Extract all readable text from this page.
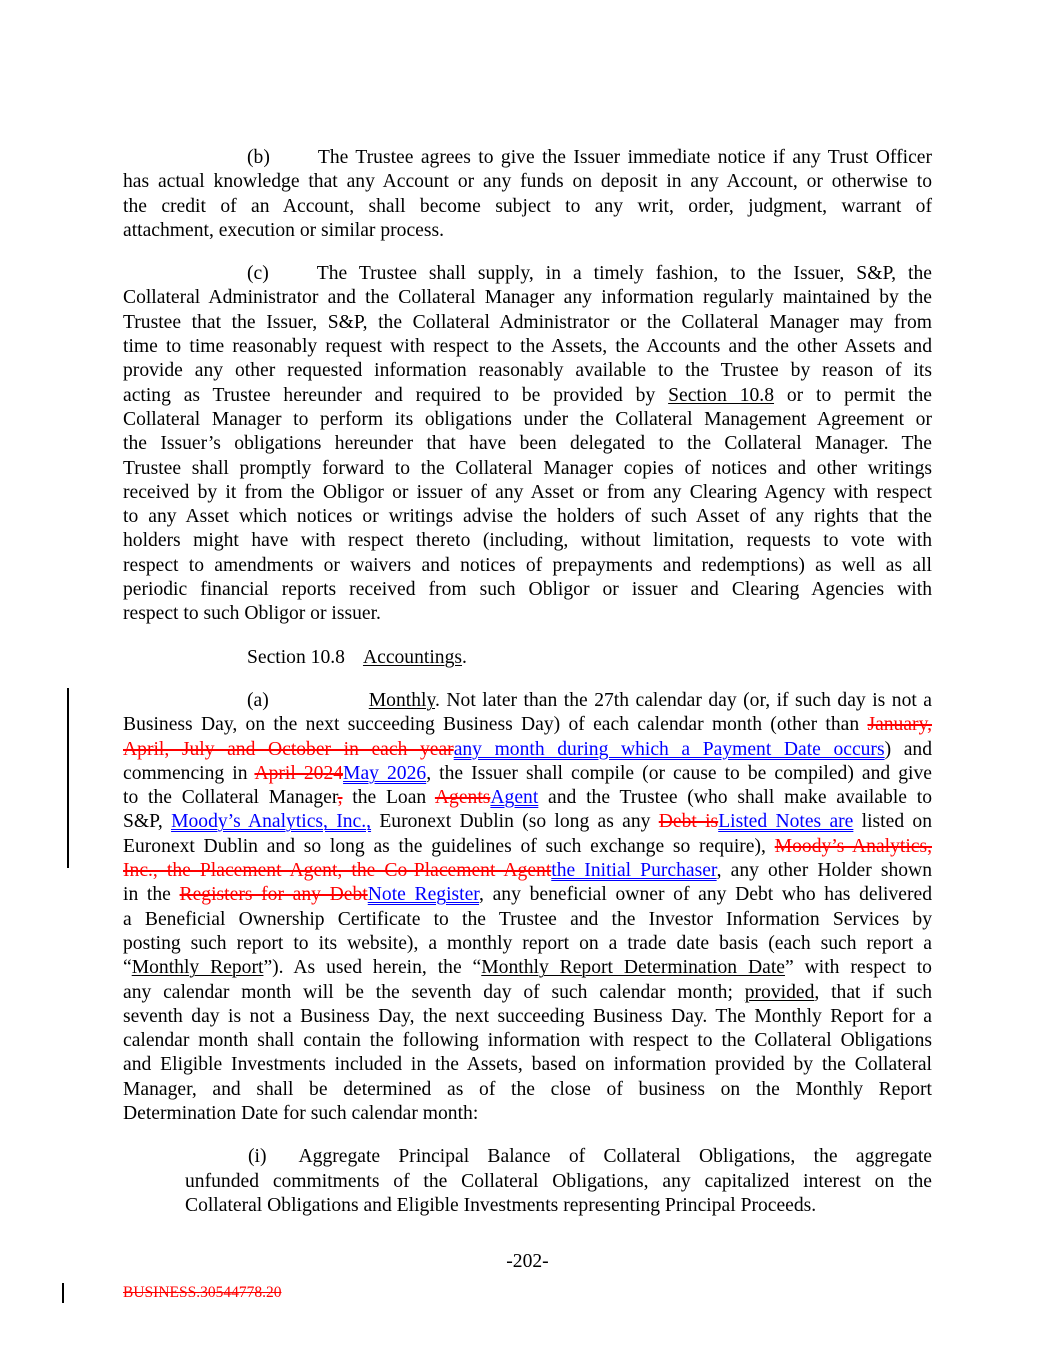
(b) The Trustee agrees to give the Issuer immediate notice if any Trust Officer
has actual knowledge that any Account or any funds on deposit in any Account, or otherwise to
the credit of an Account, shall become subject to any writ, order, judgment, warrant of
attachment, execution or similar process.
(c) The Trustee shall supply, in a timely fashion, to the Issuer, S&P, the
Collateral Administrator and the Collateral Manager any information regularly maintained by the
Trustee that the Issuer, S&P, the Collateral Administrator or the Collateral Manager may from
time to time reasonably request with respect to the Assets, the Accounts and the other Assets and
provide any other requested information reasonably available to the Trustee by reason of its
acting as Trustee hereunder and required to be provided by Section 10.8 or to permit the
Collateral Manager to perform its obligations under the Collateral Management Agreement or
the Issuer’s obligations hereunder that have been delegated to the Collateral Manager. The
Trustee shall promptly forward to the Collateral Manager copies of notices and other writings
received by it from the Obligor or issuer of any Asset or from any Clearing Agency with respect
to any Asset which notices or writings advise the holders of such Asset of any rights that the
holders might have with respect thereto (including, without limitation, requests to vote with
respect to amendments or waivers and notices of prepayments and redemptions) as well as all
periodic financial reports received from such Obligor or issuer and Clearing Agencies with
respect to such Obligor or issuer.
Section 10.8 Accountings.
(a)	Monthly. Not later than the 27th calendar day (or, if such day is not a
Business Day, on the next succeeding Business Day) of each calendar month (other than January,
April, July and October in each yearany month during which a Payment Date occurs) and
commencing in April 2024May 2026, the Issuer shall compile (or cause to be compiled) and give
to the Collateral Manager, the Loan AgentsAgent and the Trustee (who shall make available to
S&P, Moody’s Analytics, Inc., Euronext Dublin (so long as any Debt isListed Notes are listed on
Euronext Dublin and so long as the guidelines of such exchange so require), Moody’s Analytics,
Inc., the Placement Agent, the Co-Placement Agentthe Initial Purchaser, any other Holder shown
in the Registers for any DebtNote Register, any beneficial owner of any Debt who has delivered
a Beneficial Ownership Certificate to the Trustee and the Investor Information Services by
posting such report to its website), a monthly report on a trade date basis (each such report a
“Monthly Report”). As used herein, the “Monthly Report Determination Date” with respect to
any calendar month will be the seventh day of such calendar month; provided, that if such
seventh day is not a Business Day, the next succeeding Business Day. The Monthly Report for a
calendar month shall contain the following information with respect to the Collateral Obligations
and Eligible Investments included in the Assets, based on information provided by the Collateral
Manager, and shall be determined as of the close of business on the Monthly Report
Determination Date for such calendar month:
(i) Aggregate Principal Balance of Collateral Obligations, the aggregate
unfunded commitments of the Collateral Obligations, any capitalized interest on the
Collateral Obligations and Eligible Investments representing Principal Proceeds.
-202-
BUSINESS.30544778.20
